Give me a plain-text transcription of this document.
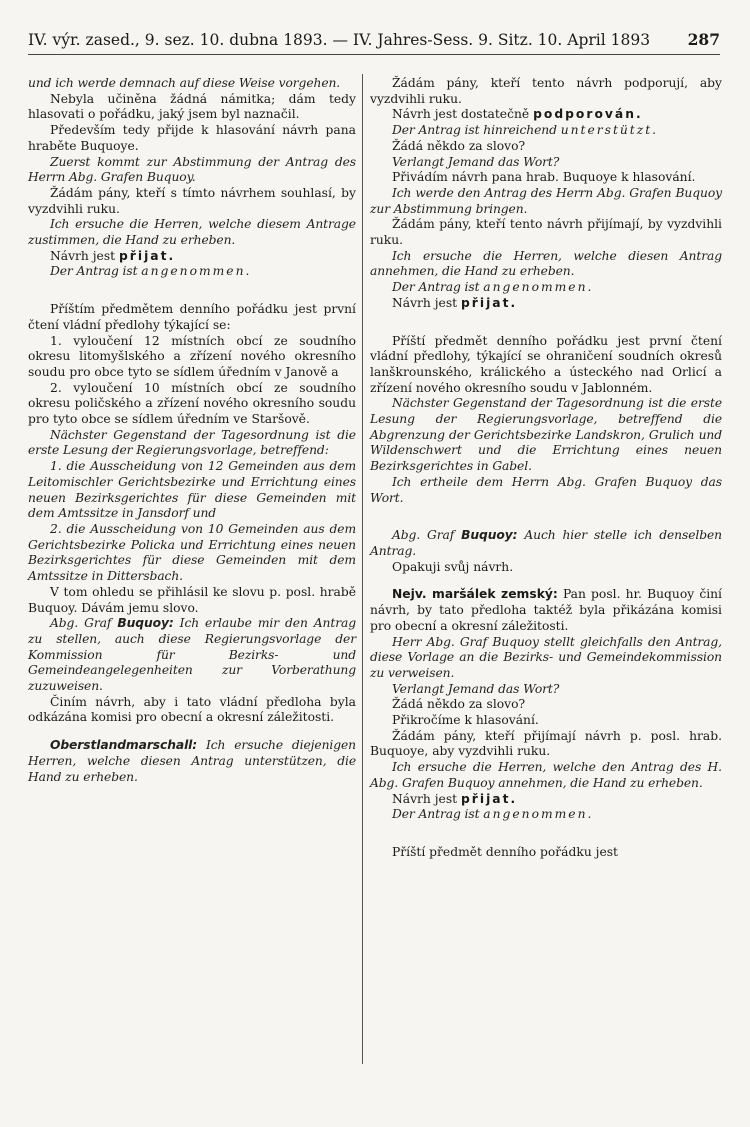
IV. výr. zased., 9. sez. 10. dubna 1893. — IV. Jahres-Sess. 9. Sitz. 10. April 1893 287

und ich werde demnach auf diese Weise vorgehen.

Nebyla učiněna žádná námitka; dám tedy hlasovati o pořádku, jaký jsem byl naznačil.

Především tedy přijde k hlasování návrh pana hraběte Buquoye.

Zuerst kommt zur Abstimmung der Antrag des Herrn Abg. Grafen Buquoy.

Žádám pány, kteří s tímto návrhem souhlasí, by vyzdvihli ruku.

Ich ersuche die Herren, welche diesem Antrage zustimmen, die Hand zu erheben.

Návrh jest přijat.

Der Antrag ist angenommen.

Příštím předmětem denního pořádku jest první čtení vládní předlohy týkající se:

1. vyloučení 12 místních obcí ze soudního okresu litomyšlského a zřízení nového okresního soudu pro obce tyto se sídlem úředním v Janově a

2. vyloučení 10 místních obcí ze soudního okresu poličského a zřízení nového okresního soudu pro tyto obce se sídlem úředním ve Staršově.

Nächster Gegenstand der Tagesordnung ist die erste Lesung der Regierungsvorlage, betreffend:

1. die Ausscheidung von 12 Gemeinden aus dem Leitomischler Gerichtsbezirke und Errichtung eines neuen Bezirksgerichtes für diese Gemeinden mit dem Amtssitze in Jansdorf und

2. die Ausscheidung von 10 Gemeinden aus dem Gerichtsbezirke Policka und Errichtung eines neuen Bezirksgerichtes für diese Gemeinden mit dem Amtssitze in Dittersbach.

V tom ohledu se přihlásil ke slovu p. posl. hrabě Buquoy. Dávám jemu slovo.

Abg. Graf Buquoy: Ich erlaube mir den Antrag zu stellen, auch diese Regierungsvorlage der Kommission für Bezirks- und Gemeindeangelegenheiten zur Vorberathung zuzuweisen.

Činím návrh, aby i tato vládní předloha byla odkázána komisi pro obecní a okresní záležitosti.

Oberstlandmarschall: Ich ersuche diejenigen Herren, welche diesen Antrag unterstützen, die Hand zu erheben.

Žádám pány, kteří tento návrh podporují, aby vyzdvihli ruku.

Návrh jest dostatečně podporován.

Der Antrag ist hinreichend unterstützt.

Žádá někdo za slovo?

Verlangt Jemand das Wort?

Přivádím návrh pana hrab. Buquoye k hlasování.

Ich werde den Antrag des Herrn Abg. Grafen Buquoy zur Abstimmung bringen.

Žádám pány, kteří tento návrh přijímají, by vyzdvihli ruku.

Ich ersuche die Herren, welche diesen Antrag annehmen, die Hand zu erheben.

Der Antrag ist angenommen.

Návrh jest přijat.

Příští předmět denního pořádku jest první čtení vládní předlohy, týkající se ohraničení soudních okresů lanškrounského, králického a ústeckého nad Orlicí a zřízení nového okresního soudu v Jablonném.

Nächster Gegenstand der Tagesordnung ist die erste Lesung der Regierungsvorlage, betreffend die Abgrenzung der Gerichtsbezirke Landskron, Grulich und Wildenschwert und die Errichtung eines neuen Bezirksgerichtes in Gabel.

Ich ertheile dem Herrn Abg. Grafen Buquoy das Wort.

Abg. Graf Buquoy: Auch hier stelle ich denselben Antrag.

Opakuji svůj návrh.

Nejv. maršálek zemský: Pan posl. hr. Buquoy činí návrh, by tato předloha taktéž byla přikázána komisi pro obecní a okresní záležitosti.

Herr Abg. Graf Buquoy stellt gleichfalls den Antrag, diese Vorlage an die Bezirks- und Gemeindekommission zu verweisen.

Verlangt Jemand das Wort?

Žádá někdo za slovo?

Přikročíme k hlasování.

Žádám pány, kteří přijímají návrh p. posl. hrab. Buquoye, aby vyzdvihli ruku.

Ich ersuche die Herren, welche den Antrag des H. Abg. Grafen Buquoy annehmen, die Hand zu erheben.

Návrh jest přijat.

Der Antrag ist angenommen.

Příští předmět denního pořádku jest
